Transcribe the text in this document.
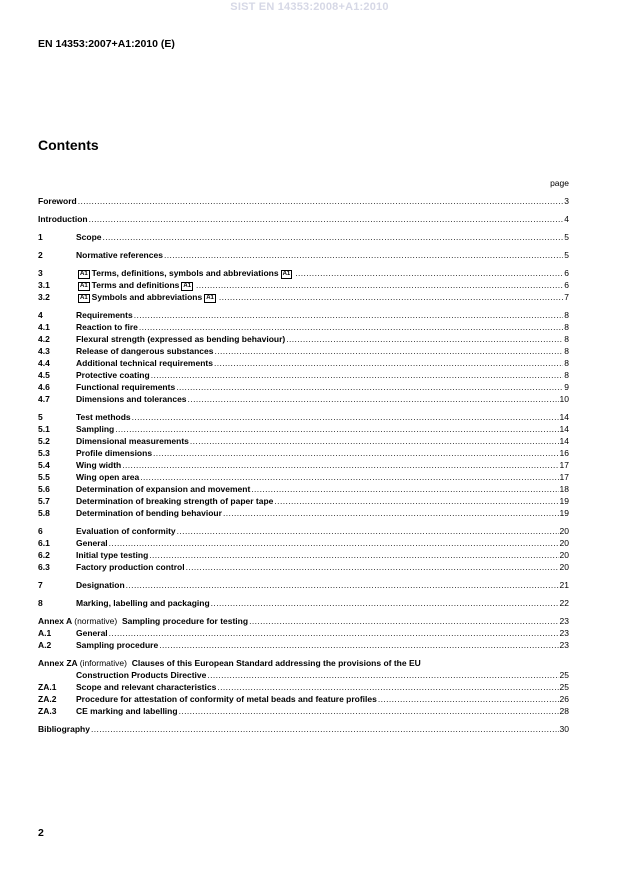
SIST EN 14353:2008+A1:2010
EN 14353:2007+A1:2010 (E)
Contents
page
Foreword .....	3
Introduction .....	4
1	Scope .....	5
2	Normative references .....	5
3	A1 Terms, definitions, symbols and abbreviations A1 .....	6
3.1	A1 Terms and definitions A1 .....	6
3.2	A1 Symbols and abbreviations A1 .....	7
4	Requirements .....	8
4.1	Reaction to fire .....	8
4.2	Flexural strength (expressed as bending behaviour) .....	8
4.3	Release of dangerous substances .....	8
4.4	Additional technical requirements .....	8
4.5	Protective coating .....	8
4.6	Functional requirements .....	9
4.7	Dimensions and tolerances .....	10
5	Test methods .....	14
5.1	Sampling .....	14
5.2	Dimensional measurements .....	14
5.3	Profile dimensions .....	16
5.4	Wing width .....	17
5.5	Wing open area .....	17
5.6	Determination of expansion and movement .....	18
5.7	Determination of breaking strength of paper tape .....	19
5.8	Determination of bending behaviour .....	19
6	Evaluation of conformity .....	20
6.1	General .....	20
6.2	Initial type testing .....	20
6.3	Factory production control .....	20
7	Designation .....	21
8	Marking, labelling and packaging .....	22
Annex A (normative) Sampling procedure for testing .....	23
A.1	General .....	23
A.2	Sampling procedure .....	23
Annex ZA (informative) Clauses of this European Standard addressing the provisions of the EU
Construction Products Directive .....	25
ZA.1	Scope and relevant characteristics .....	25
ZA.2	Procedure for attestation of conformity of metal beads and feature profiles .....	26
ZA.3	CE marking and labelling .....	28
Bibliography .....	30
2
